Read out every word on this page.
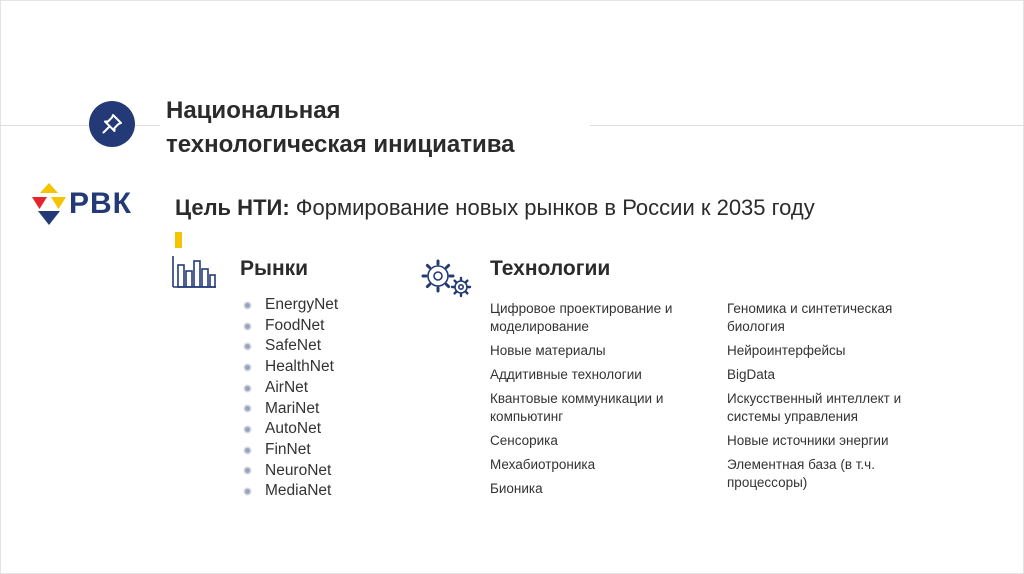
Национальная
технологическая инициатива
РВК Цель НТИ: Формирование новых рынков в России к 2035 году
Рынки
EnergyNet
FoodNet
SafeNet
HealthNet
AirNet
MariNet
AutoNet
FinNet
NeuroNet
MediaNet
Технологии
Цифровое проектирование и моделирование
Новые материалы
Аддитивные технологии
Квантовые коммуникации и компьютинг
Сенсорика
Мехабиотроника
Бионика
Геномика и синтетическая биология
Нейроинтерфейсы
BigData
Искусственный интеллект и системы управления
Новые источники энергии
Элементная база (в т.ч. процессоры)
